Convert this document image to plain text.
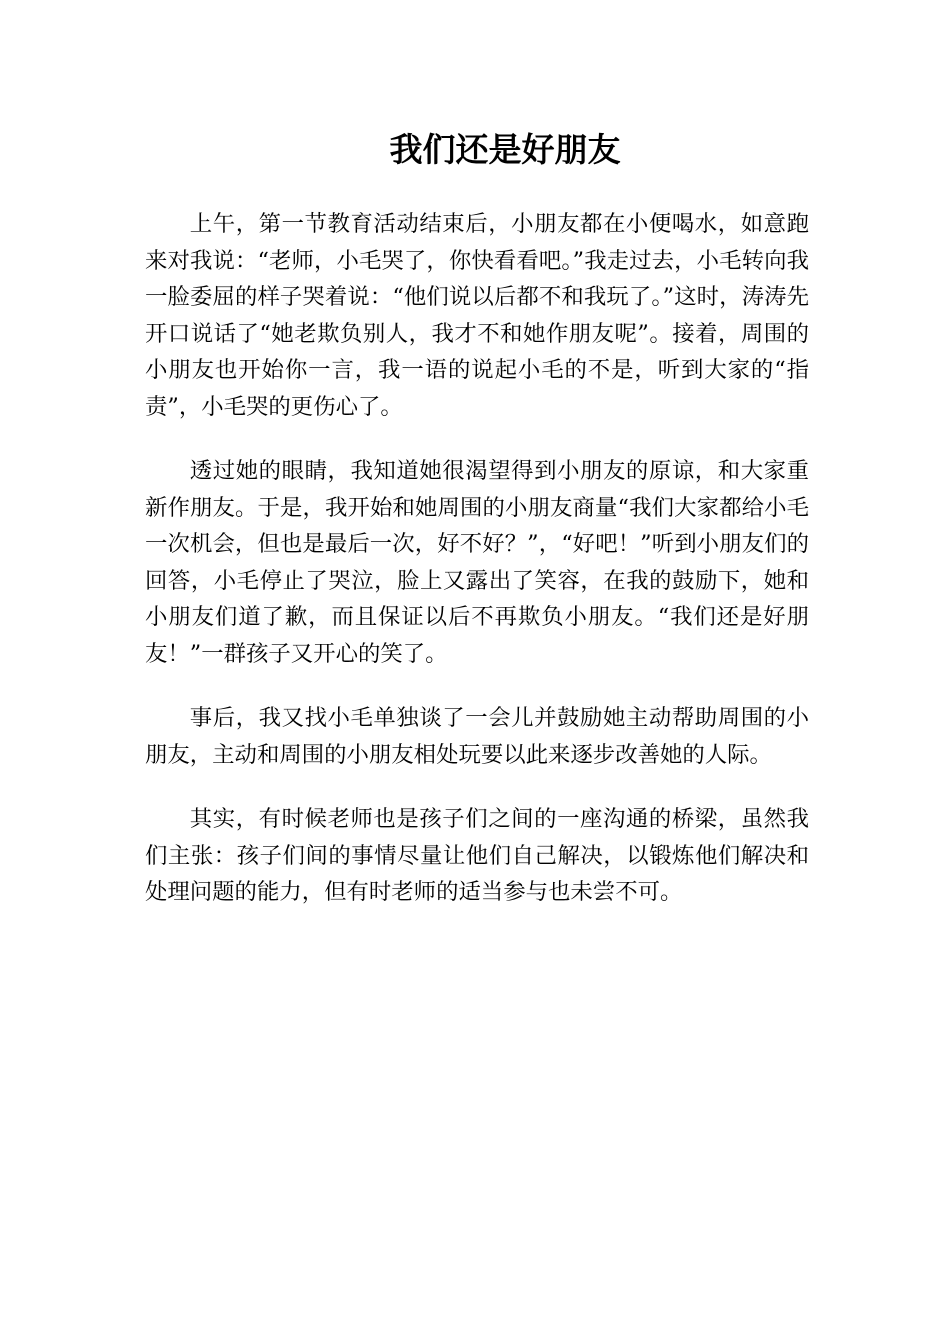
我们还是好朋友

上午，第一节教育活动结束后，小朋友都在小便喝水，如意跑来对我说：“老师，小毛哭了，你快看看吧。”我走过去，小毛转向我一脸委屈的样子哭着说：“他们说以后都不和我玩了。”这时，涛涛先开口说话了“她老欺负别人，我才不和她作朋友呢”。接着，周围的小朋友也开始你一言，我一语的说起小毛的不是，听到大家的“指责”，小毛哭的更伤心了。

透过她的眼睛，我知道她很渴望得到小朋友的原谅，和大家重新作朋友。于是，我开始和她周围的小朋友商量“我们大家都给小毛一次机会，但也是最后一次，好不好？”，“好吧！”听到小朋友们的回答，小毛停止了哭泣，脸上又露出了笑容，在我的鼓励下，她和小朋友们道了歉，而且保证以后不再欺负小朋友。“我们还是好朋友！”一群孩子又开心的笑了。

事后，我又找小毛单独谈了一会儿并鼓励她主动帮助周围的小朋友，主动和周围的小朋友相处玩要以此来逐步改善她的人际。

其实，有时候老师也是孩子们之间的一座沟通的桥梁，虽然我们主张：孩子们间的事情尽量让他们自己解决，以锻炼他们解决和处理问题的能力，但有时老师的适当参与也未尝不可。
